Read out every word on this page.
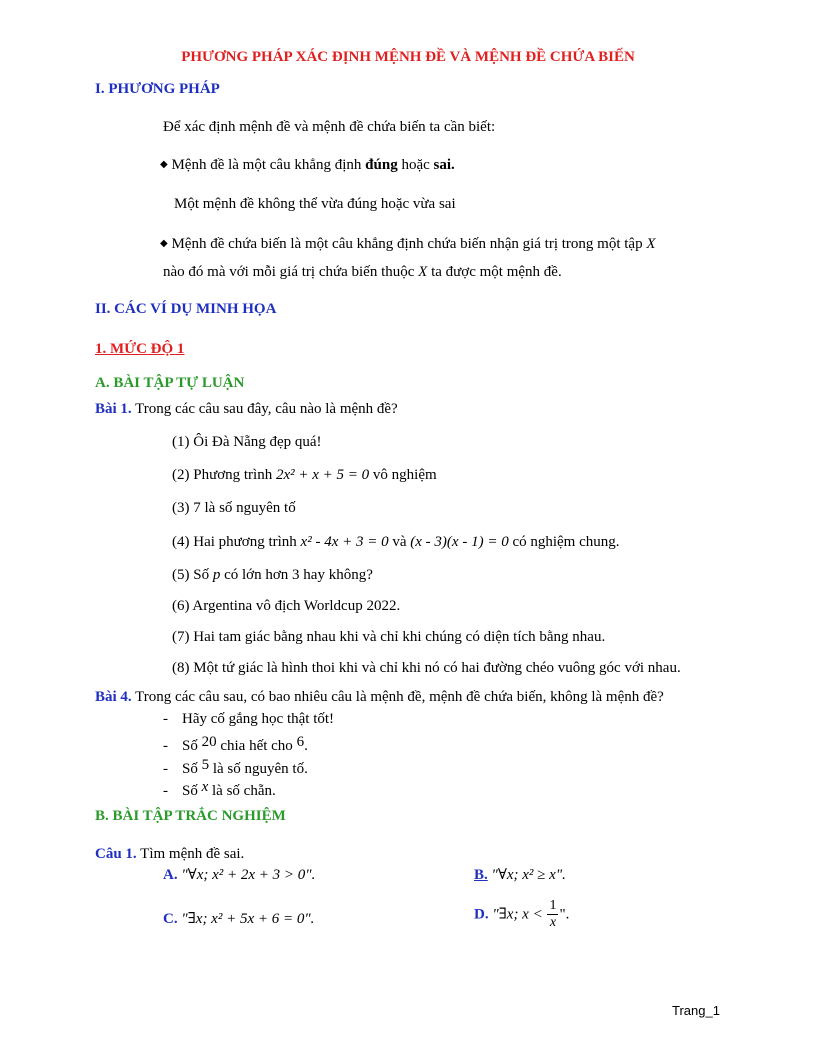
PHƯƠNG PHÁP XÁC ĐỊNH MỆNH ĐỀ VÀ MỆNH ĐỀ CHỨA BIẾN
I. PHƯƠNG PHÁP
Để xác định mệnh đề và mệnh đề chứa biến ta cần biết:
◆ Mệnh đề là một câu khẳng định đúng hoặc sai.
Một mệnh đề không thể vừa đúng hoặc vừa sai
◆ Mệnh đề chứa biến là một câu khẳng định chứa biến nhận giá trị trong một tập X
nào đó mà với mỗi giá trị chứa biến thuộc X ta được một mệnh đề.
II. CÁC VÍ DỤ MINH HỌA
1. MỨC ĐỘ 1
A. BÀI TẬP TỰ LUẬN
Bài 1. Trong các câu sau đây, câu nào là mệnh đề?
(1) Ôi Đà Nẵng đẹp quá!
(2) Phương trình 2x² + x + 5 = 0 vô nghiệm
(3) 7 là số nguyên tố
(4) Hai phương trình x² - 4x + 3 = 0 và (x - 3)(x - 1) = 0 có nghiệm chung.
(5) Số p có lớn hơn 3 hay không?
(6) Argentina vô địch Worldcup 2022.
(7) Hai tam giác bằng nhau khi và chỉ khi chúng có diện tích bằng nhau.
(8) Một tứ giác là hình thoi khi và chỉ khi nó có hai đường chéo vuông góc với nhau.
Bài 4. Trong các câu sau, có bao nhiêu câu là mệnh đề, mệnh đề chứa biến, không là mệnh đề?
- Hãy cố gắng học thật tốt!
- Số 20 chia hết cho 6.
- Số 5 là số nguyên tố.
- Số x là số chẵn.
B. BÀI TẬP TRẮC NGHIỆM
Câu 1. Tìm mệnh đề sai.
A. "∀x; x² + 2x + 3 > 0".	B. "∀x; x² ≥ x".
C. "∃x; x² + 5x + 6 = 0".	D. "∃x; $x < \frac{1}{x}$ ".
Trang_1
